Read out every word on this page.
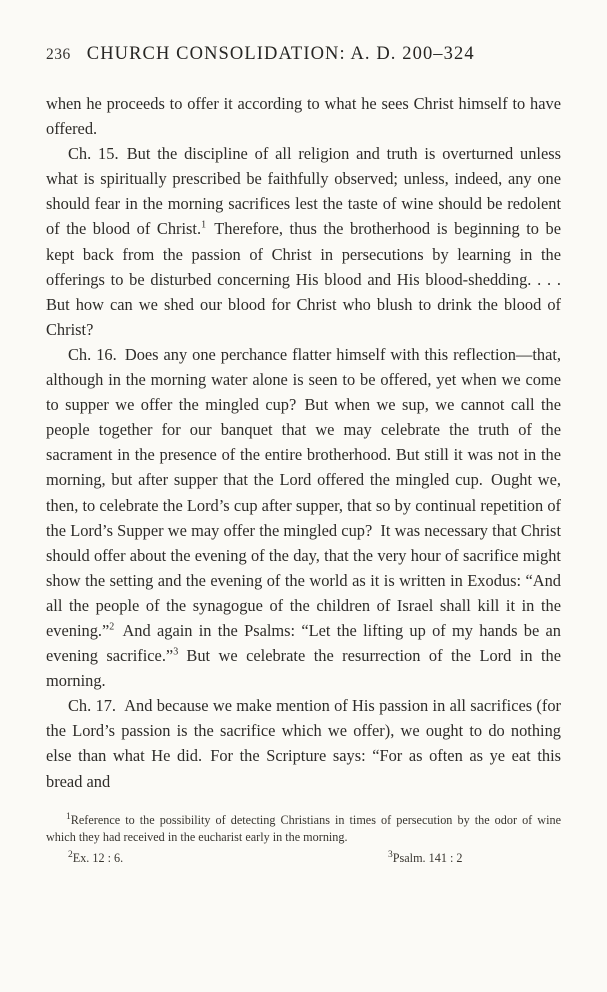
236 CHURCH CONSOLIDATION: A. D. 200–324

when he proceeds to offer it according to what he sees Christ himself to have offered.

Ch. 15. But the discipline of all religion and truth is overturned unless what is spiritually prescribed be faithfully observed; unless, indeed, any one should fear in the morning sacrifices lest the taste of wine should be redolent of the blood of Christ.$^1$ Therefore, thus the brotherhood is beginning to be kept back from the passion of Christ in persecutions by learning in the offerings to be disturbed concerning His blood and His blood-shedding. . . . But how can we shed our blood for Christ who blush to drink the blood of Christ?

Ch. 16. Does any one perchance flatter himself with this reflection—that, although in the morning water alone is seen to be offered, yet when we come to supper we offer the mingled cup? But when we sup, we cannot call the people together for our banquet that we may celebrate the truth of the sacrament in the presence of the entire brotherhood. But still it was not in the morning, but after supper that the Lord offered the mingled cup. Ought we, then, to celebrate the Lord’s cup after supper, that so by continual repetition of the Lord’s Supper we may offer the mingled cup? It was necessary that Christ should offer about the evening of the day, that the very hour of sacrifice might show the setting and the evening of the world as it is written in Exodus: “And all the people of the synagogue of the children of Israel shall kill it in the evening.”$^2$ And again in the Psalms: “Let the lifting up of my hands be an evening sacrifice.”$^3$ But we celebrate the resurrection of the Lord in the morning.

Ch. 17. And because we make mention of His passion in all sacrifices (for the Lord’s passion is the sacrifice which we offer), we ought to do nothing else than what He did. For the Scripture says: “For as often as ye eat this bread and

$^1$Reference to the possibility of detecting Christians in times of persecution by the odor of wine which they had received in the eucharist early in the morning.

$^2$Ex. 12 : 6.	$^3$Psalm. 141 : 2
